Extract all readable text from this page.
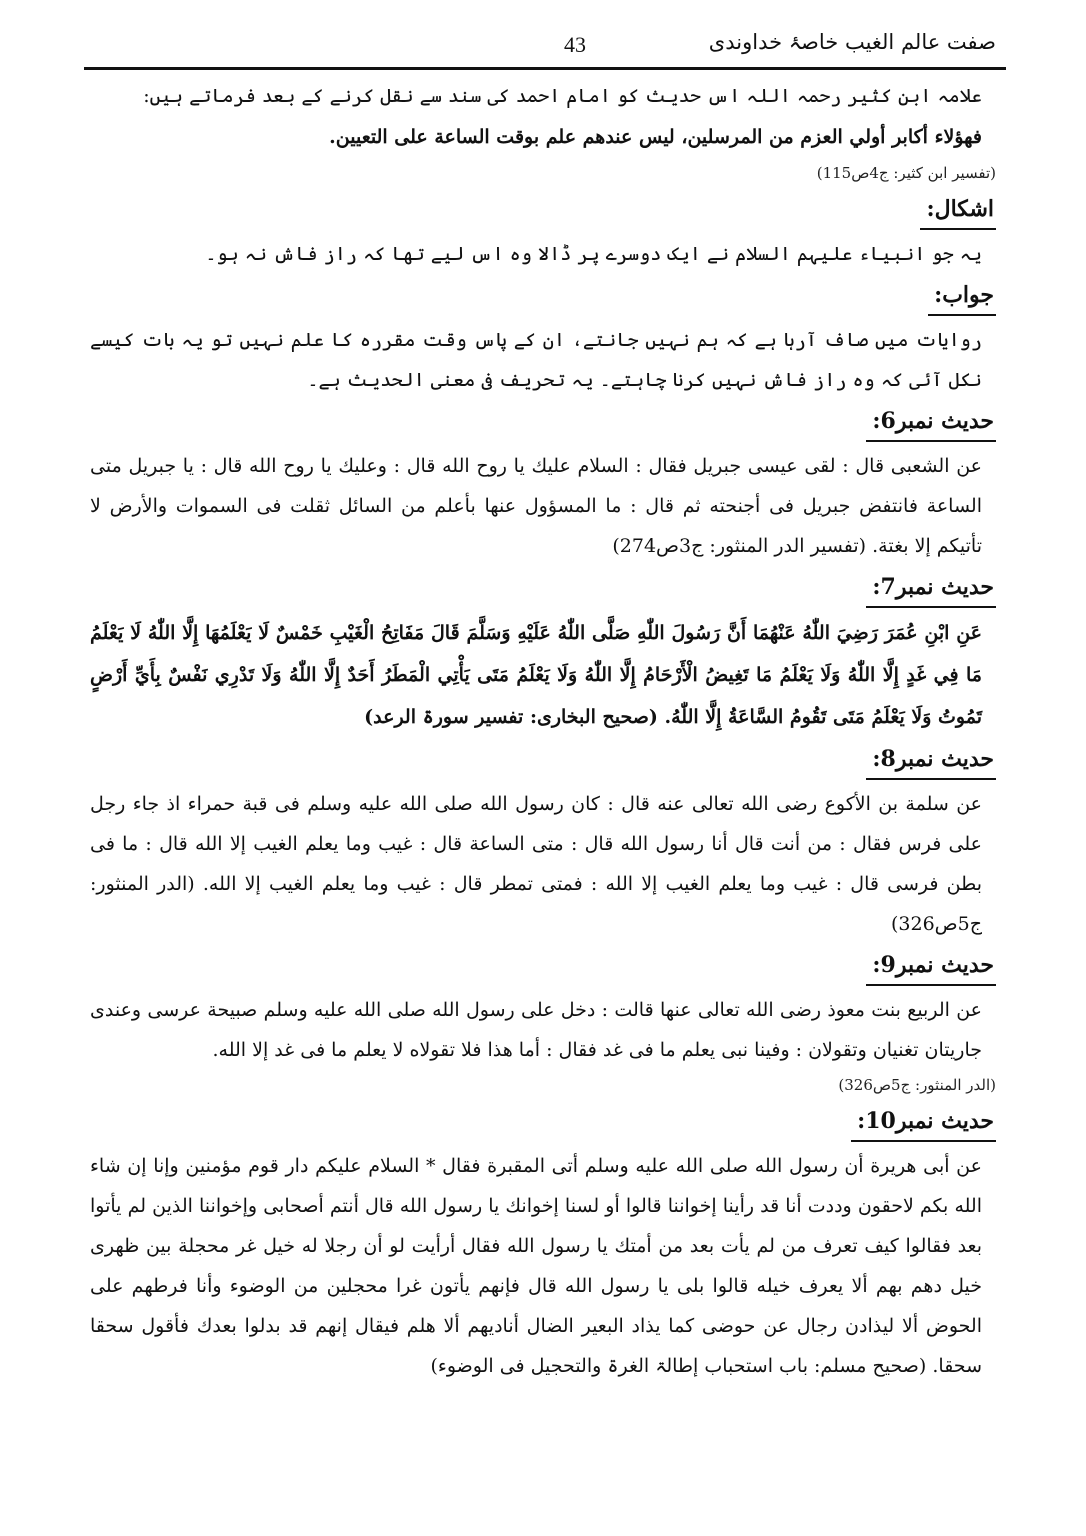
صفت عالم الغیب خاصۂ خداوندی
43
علامہ ابن کثیر رحمہ اللہ اس حدیث کو امام احمد کی سند سے نقل کرنے کے بعد فرماتے ہیں:
فهؤلاء أكابر أولي العزم من المرسلين، ليس عندهم علم بوقت الساعة على التعيين.
(تفسیر ابن کثیر: ج4ص115)
اشکال:
یہ جو انبیاء علیہم السلام نے ایک دوسرے پر ڈالا وہ اس لیے تھا کہ راز فاش نہ ہو۔
جواب:
روایات میں صاف آرہا ہے کہ ہم نہیں جانتے، ان کے پاس وقت مقررہ کا علم نہیں تو یہ بات کیسے نکل آئی کہ وہ راز فاش نہیں کرنا چاہتے۔ یہ تحریف فی معنی الحدیث ہے۔
حدیث نمبر6:
عن الشعبی قال : لقی عیسی جبریل فقال : السلام علیك یا روح الله قال : وعلیك یا روح الله قال : یا جبریل متی الساعة فانتفض جبریل فی أجنحته ثم قال : ما المسؤول عنها بأعلم من السائل ثقلت فی السموات والأرض لا تأتیكم إلا بغتة. (تفسیر الدر المنثور: ج3ص274)
حدیث نمبر7:
عَنِ ابْنِ عُمَرَ رَضِيَ اللّٰهُ عَنْهُمَا أَنَّ رَسُولَ اللّٰهِ صَلَّى اللّٰهُ عَلَيْهِ وَسَلَّمَ قَالَ مَفَاتِحُ الْغَيْبِ خَمْسٌ لَا يَعْلَمُهَا إِلَّا اللّٰهُ لَا يَعْلَمُ مَا فِي غَدٍ إِلَّا اللّٰهُ وَلَا يَعْلَمُ مَا تَغِيضُ الْأَرْحَامُ إِلَّا اللّٰهُ وَلَا يَعْلَمُ مَتَى يَأْتِي الْمَطَرُ أَحَدٌ إِلَّا اللّٰهُ وَلَا تَدْرِي نَفْسٌ بِأَيِّ أَرْضٍ تَمُوتُ وَلَا يَعْلَمُ مَتَى تَقُومُ السَّاعَةُ إِلَّا اللّٰهُ. (صحیح البخاری: تفسیر سورۃ الرعد)
حدیث نمبر8:
عن سلمة بن الأكوع رضی الله تعالی عنه قال : كان رسول الله صلی الله علیه وسلم فی قبة حمراء اذ جاء رجل علی فرس فقال : من أنت قال أنا رسول الله قال : متی الساعة قال : غیب وما یعلم الغیب إلا الله قال : ما فی بطن فرسی قال : غیب وما یعلم الغیب إلا الله : فمتی تمطر قال : غیب وما یعلم الغیب إلا الله. (الدر المنثور: ج5ص326)
حدیث نمبر9:
عن الربیع بنت معوذ رضی الله تعالی عنها قالت : دخل علی رسول الله صلی الله علیه وسلم صبیحة عرسی وعندی جاریتان تغنیان وتقولان : وفینا نبی یعلم ما فی غد فقال : أما هذا فلا تقولاه لا یعلم ما فی غد إلا الله.
(الدر المنثور: ج5ص326)
حدیث نمبر10:
عن أبی هریرة أن رسول الله صلی الله علیه وسلم أتی المقبرة فقال * السلام علیكم دار قوم مؤمنین وإنا إن شاء الله بكم لاحقون وددت أنا قد رأینا إخواننا قالوا أو لسنا إخوانك یا رسول الله قال أنتم أصحابی وإخواننا الذین لم یأتوا بعد فقالوا كیف تعرف من لم یأت بعد من أمتك یا رسول الله فقال أرأیت لو أن رجلا له خیل غر محجلة بین ظهری خیل دهم بهم ألا یعرف خیله قالوا بلی یا رسول الله قال فإنهم یأتون غرا محجلین من الوضوء وأنا فرطهم علی الحوض ألا لیذادن رجال عن حوضی كما یذاد البعیر الضال أنادیهم ألا هلم فیقال إنهم قد بدلوا بعدك فأقول سحقا سحقا. (صحیح مسلم: باب استحباب إطالۃ الغرۃ والتحجیل فی الوضوء)
